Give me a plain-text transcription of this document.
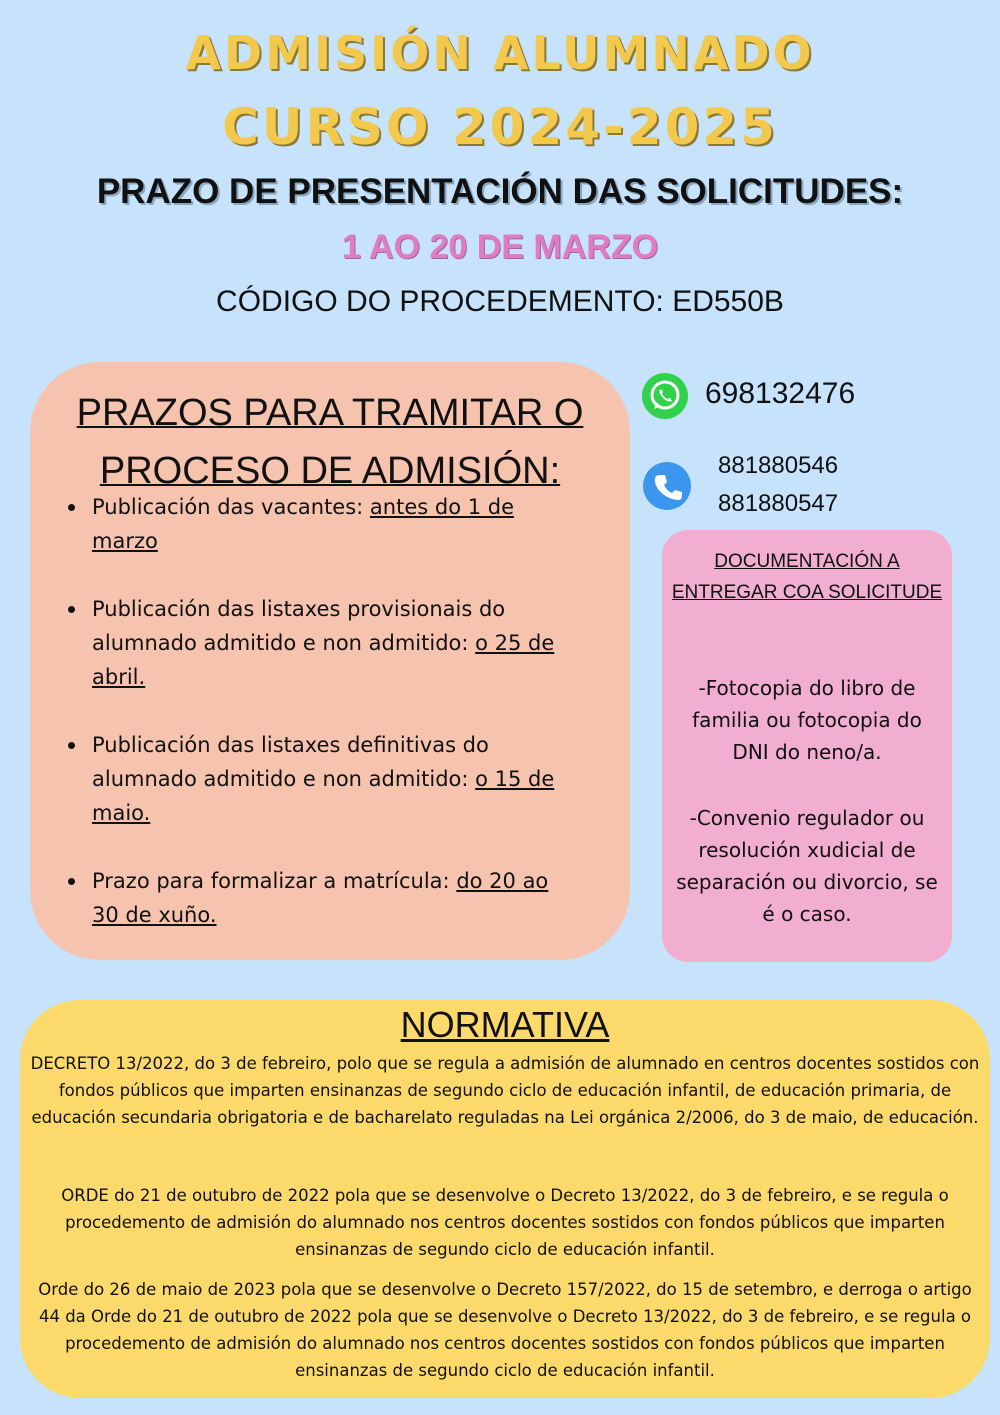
ADMISIÓN ALUMNADO
CURSO 2024-2025
PRAZO DE PRESENTACIÓN DAS SOLICITUDES:
1 AO 20 DE MARZO
CÓDIGO DO PROCEDEMENTO: ED550B
PRAZOS PARA TRAMITAR O PROCESO DE ADMISIÓN:
Publicación das vacantes: antes do 1 de marzo
Publicación das listaxes provisionais do alumnado admitido e non admitido: o 25 de abril.
Publicación das listaxes definitivas do alumnado admitido e non admitido: o 15 de maio.
Prazo para formalizar a matrícula: do 20 ao 30 de xuño.
698132476
881880546
881880547
DOCUMENTACIÓN A ENTREGAR COA SOLICITUDE
-Fotocopia do libro de familia ou fotocopia do DNI do neno/a.
-Convenio regulador ou resolución xudicial de separación ou divorcio, se é o caso.
NORMATIVA

DECRETO 13/2022, do 3 de febreiro, polo que se regula a admisión de alumnado en centros docentes sostidos con fondos públicos que imparten ensinanzas de segundo ciclo de educación infantil, de educación primaria, de educación secundaria obrigatoria e de bacharelato reguladas na Lei orgánica 2/2006, do 3 de maio, de educación.

ORDE do 21 de outubro de 2022 pola que se desenvolve o Decreto 13/2022, do 3 de febreiro, e se regula o procedemento de admisión do alumnado nos centros docentes sostidos con fondos públicos que imparten ensinanzas de segundo ciclo de educación infantil.

Orde do 26 de maio de 2023 pola que se desenvolve o Decreto 157/2022, do 15 de setembro, e derroga o artigo 44 da Orde do 21 de outubro de 2022 pola que se desenvolve o Decreto 13/2022, do 3 de febreiro, e se regula o procedemento de admisión do alumnado nos centros docentes sostidos con fondos públicos que imparten ensinanzas de segundo ciclo de educación infantil.
